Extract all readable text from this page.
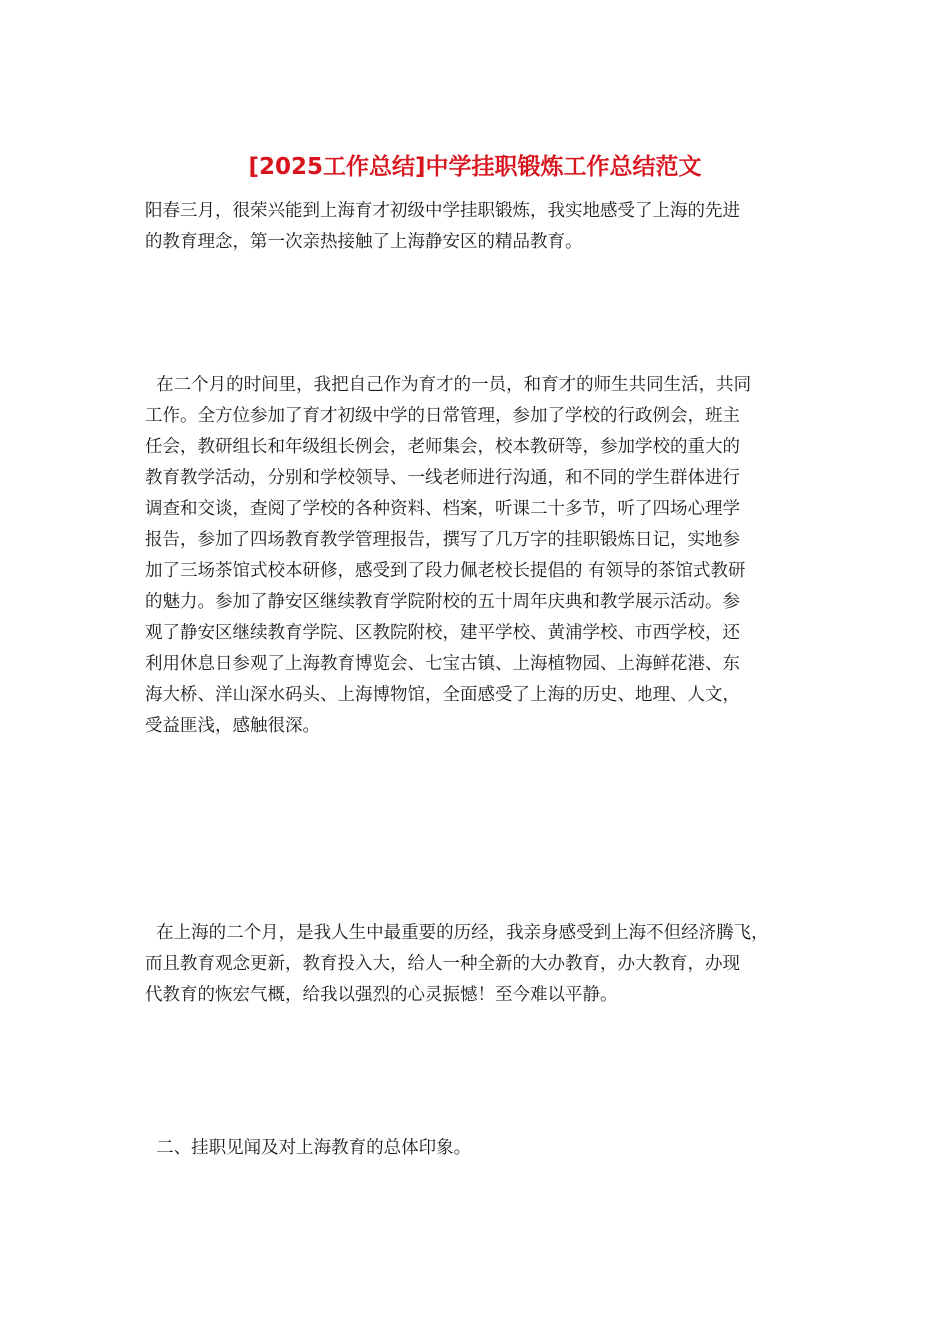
[2025工作总结]中学挂职锻炼工作总结范文
阳春三月，很荣兴能到上海育才初级中学挂职锻炼，我实地感受了上海的先进
的教育理念，第一次亲热接触了上海静安区的精品教育。
在二个月的时间里，我把自己作为育才的一员，和育才的师生共同生活，共同
工作。全方位参加了育才初级中学的日常管理，参加了学校的行政例会，班主
任会，教研组长和年级组长例会，老师集会，校本教研等，参加学校的重大的
教育教学活动，分别和学校领导、一线老师进行沟通，和不同的学生群体进行
调查和交谈，查阅了学校的各种资料、档案，听课二十多节，听了四场心理学
报告，参加了四场教育教学管理报告，撰写了几万字的挂职锻炼日记，实地参
加了三场茶馆式校本研修，感受到了段力佩老校长提倡的 有领导的茶馆式教研
的魅力。参加了静安区继续教育学院附校的五十周年庆典和教学展示活动。参
观了静安区继续教育学院、区教院附校，建平学校、黄浦学校、市西学校，还
利用休息日参观了上海教育博览会、七宝古镇、上海植物园、上海鲜花港、东
海大桥、洋山深水码头、上海博物馆，全面感受了上海的历史、地理、人文，
受益匪浅，感触很深。
在上海的二个月，是我人生中最重要的历经，我亲身感受到上海不但经济腾飞，
而且教育观念更新，教育投入大，给人一种全新的大办教育，办大教育，办现
代教育的恢宏气概，给我以强烈的心灵振憾！至今难以平静。
二、挂职见闻及对上海教育的总体印象。
